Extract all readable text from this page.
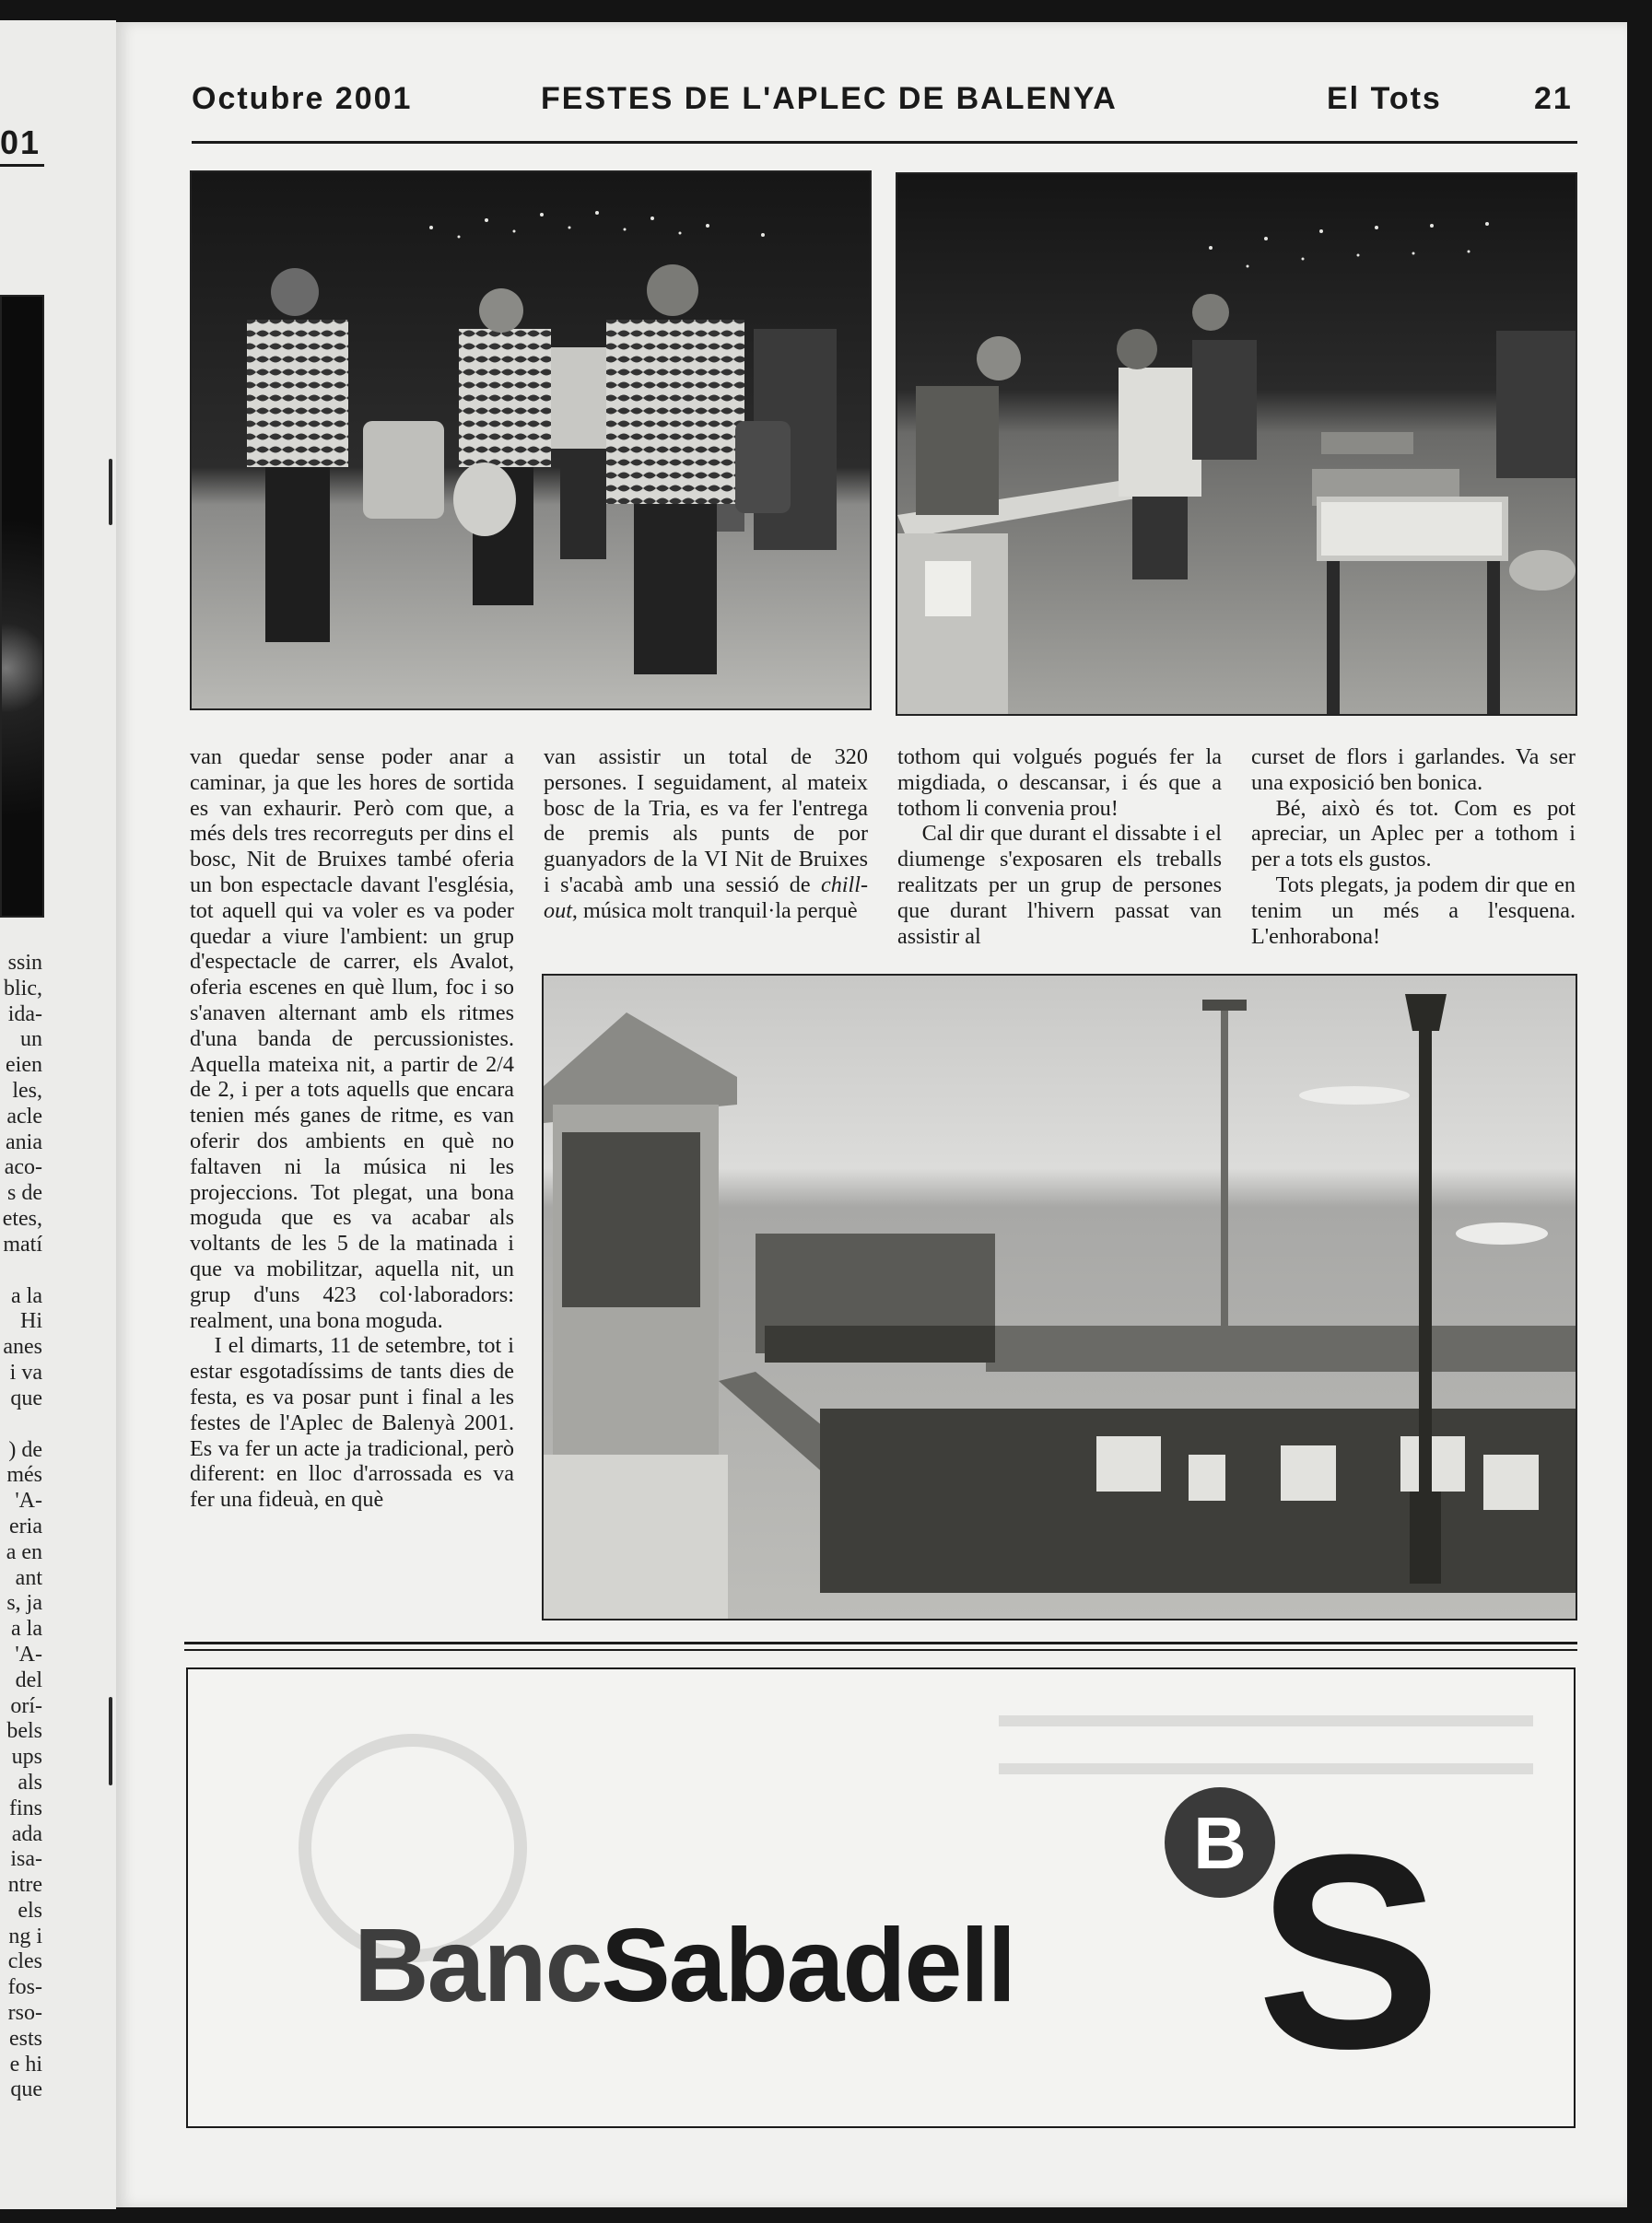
01
ssin
blic,
ida-
un
eien
les,
acle
ania
aco-
s de
etes,
matí
a la
Hi
anes
i va
que
) de
més
'A-
eria
a en
ant
s, ja
a la
'A-
del
orí-
bels
ups
als
fins
ada
isa-
ntre
els
ng i
cles
fos-
rso-
ests
e hi
que
Octubre 2001	FESTES DE L'APLEC DE BALENYA	El Tots	21

van quedar sense poder anar a caminar, ja que les hores de sortida es van exhaurir. Però com que, a més dels tres recorreguts per dins el bosc, Nit de Bruixes també oferia un bon espectacle davant l'església, tot aquell qui va voler es va poder quedar a viure l'ambient: un grup d'espectacle de carrer, els Avalot, oferia escenes en què llum, foc i so s'anaven alternant amb els ritmes d'una banda de percussionistes. Aquella mateixa nit, a partir de 2/4 de 2, i per a tots aquells que encara tenien més ganes de ritme, es van oferir dos ambients en què no faltaven ni la música ni les projeccions. Tot plegat, una bona moguda que es va acabar als voltants de les 5 de la matinada i que va mobilitzar, aquella nit, un grup d'uns 423 col·laboradors: realment, una bona moguda.

I el dimarts, 11 de setembre, tot i estar esgotadíssims de tants dies de festa, es va posar punt i final a les festes de l'Aplec de Balenyà 2001. Es va fer un acte ja tradicional, però diferent: en lloc d'arrossada es va fer una fideuà, en què

van assistir un total de 320 persones. I seguidament, al mateix bosc de la Tria, es va fer l'entrega de premis als punts de por guanyadors de la VI Nit de Bruixes i s'acabà amb una sessió de chill-out, música molt tranquil·la perquè

tothom qui volgués pogués fer la migdiada, o descansar, i és que a tothom li convenia prou!

Cal dir que durant el dissabte i el diumenge s'exposaren els treballs realitzats per un grup de persones que durant l'hivern passat van assistir al

curset de flors i garlandes. Va ser una exposició ben bonica.

Bé, això és tot. Com es pot apreciar, un Aplec per a tothom i per a tots els gustos.

Tots plegats, ja podem dir que en tenim un més a l'esquena. L'enhorabona!

BancSabadell
B S
